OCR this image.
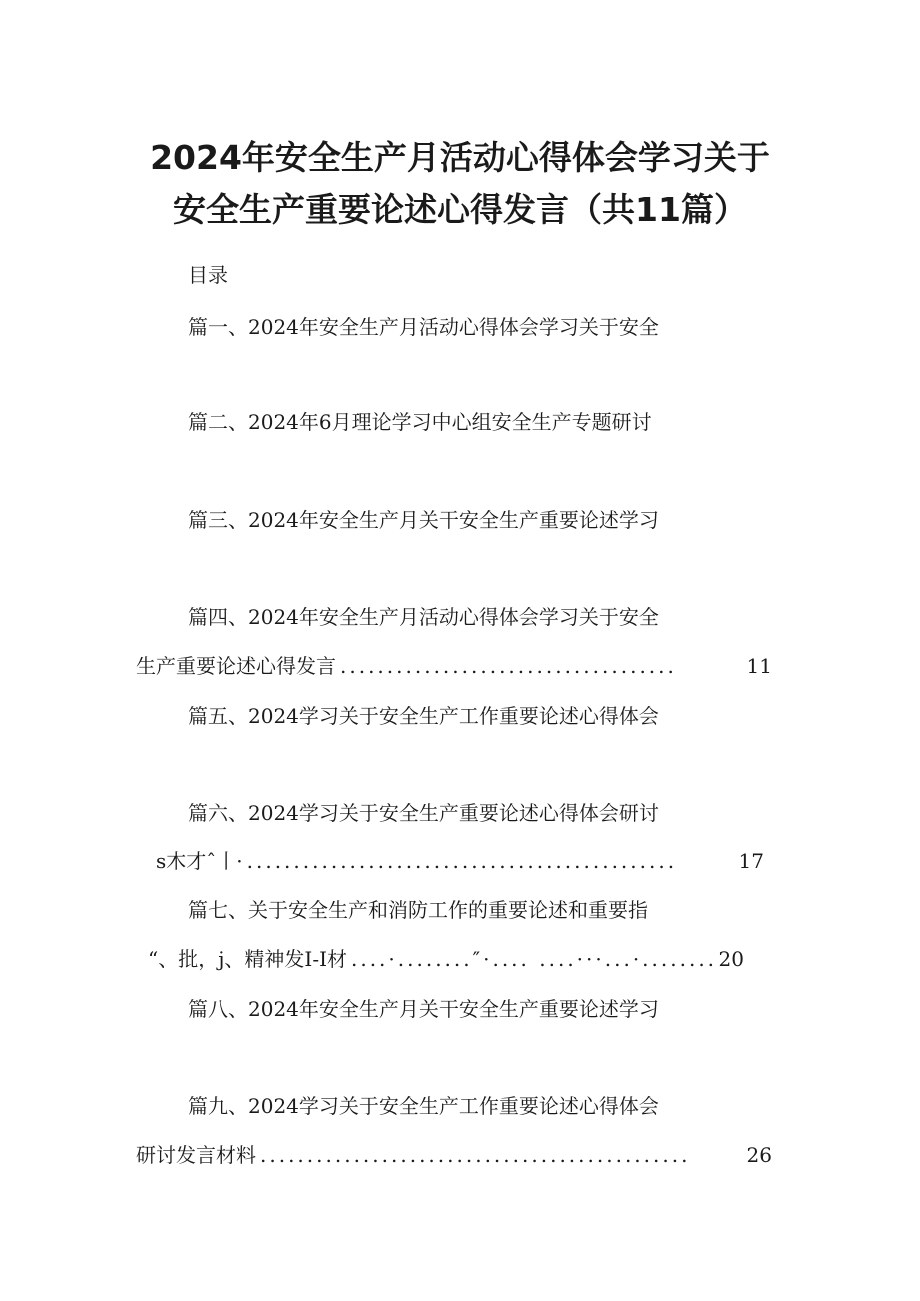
2024年安全生产月活动心得体会学习关于
安全生产重要论述心得发言（共11篇）
目录
篇一、2024年安全生产月活动心得体会学习关于安全
篇二、2024年6月理论学习中心组安全生产专题研讨
篇三、2024年安全生产月关干安全生产重要论述学习
篇四、2024年安全生产月活动心得体会学习关于安全
生产重要论述心得发言 ....................................	11
篇五、2024学习关于安全生产工作重要论述心得体会
篇六、2024学习关于安全生产重要论述心得体会研讨
s木才ˆ丨· ..............................................	17
篇七、关于安全生产和消防工作的重要论述和重要指
“、批，j、精神发I-I材 ....·........″·.... ....···...·........ 20
篇八、2024年安全生产月关干安全生产重要论述学习
篇九、2024学习关于安全生产工作重要论述心得体会
研讨发言材料 ..............................................	26
